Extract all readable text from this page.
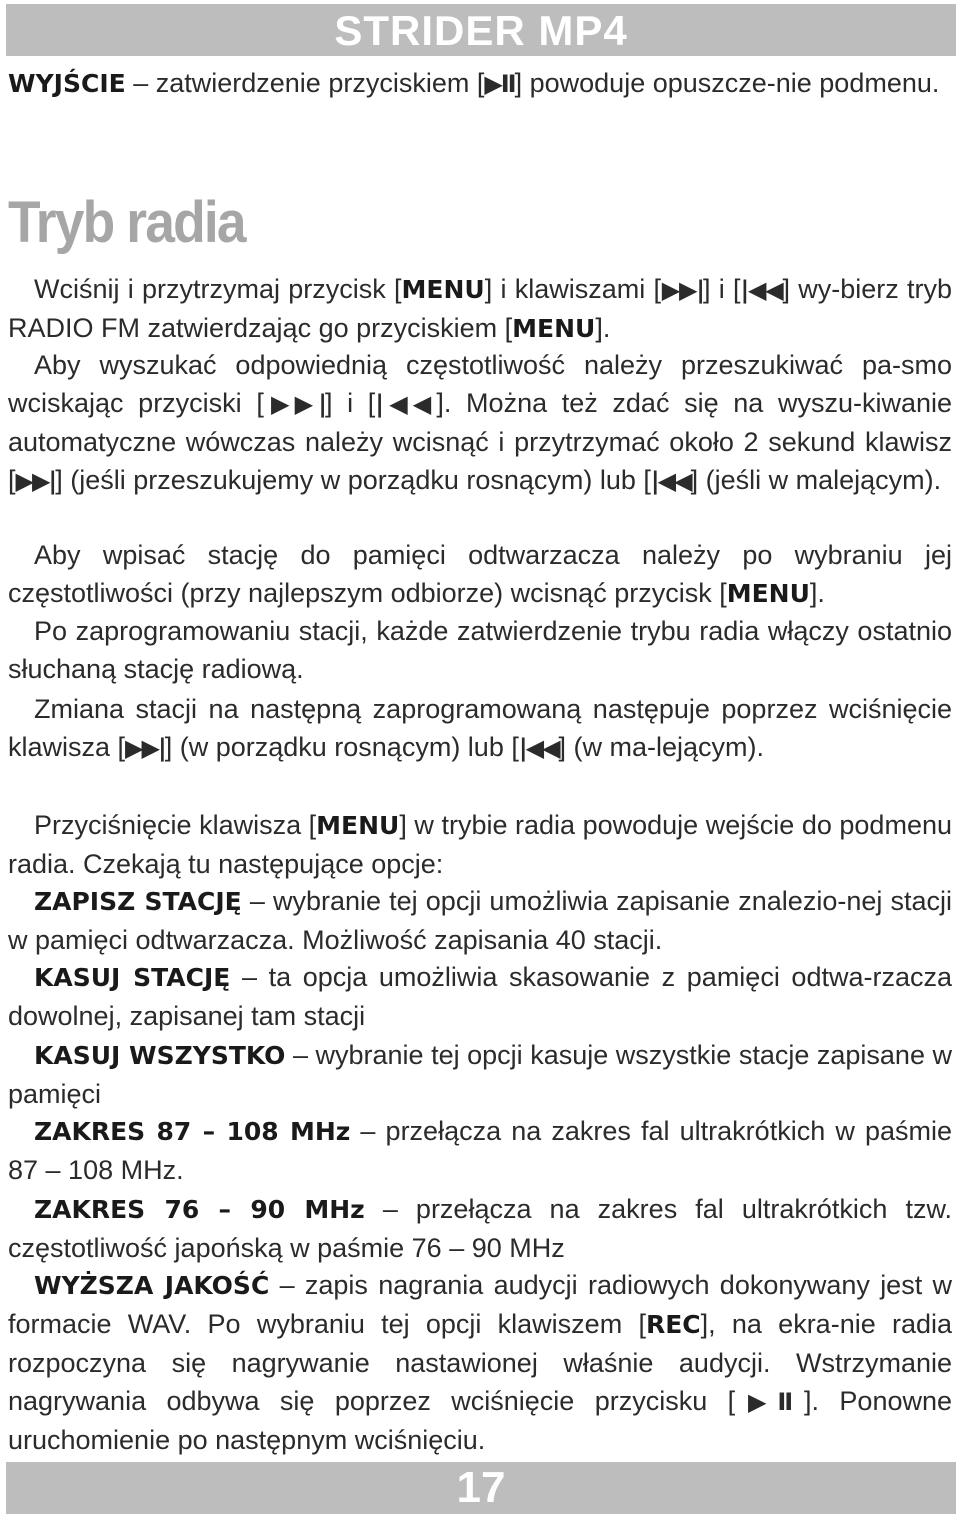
STRIDER MP4

WYJŚCIE – zatwierdzenie przyciskiem [▶Ⅱ] powoduje opuszcze-nie podmenu.

Tryb radia

Wciśnij i przytrzymaj przycisk [MENU] i klawiszami [▶▶|] i [|◀◀] wy-bierz tryb RADIO FM zatwierdzając go przyciskiem [MENU].

Aby wyszukać odpowiednią częstotliwość należy przeszukiwać pa-smo wciskając przyciski [▶▶|] i [|◀◀]. Można też zdać się na wyszu-kiwanie automatyczne wówczas należy wcisnąć i przytrzymać około 2 sekund klawisz [▶▶|] (jeśli przeszukujemy w porządku rosnącym) lub [|◀◀] (jeśli w malejącym).

Aby wpisać stację do pamięci odtwarzacza należy po wybraniu jej częstotliwości (przy najlepszym odbiorze) wcisnąć przycisk [MENU].

Po zaprogramowaniu stacji, każde zatwierdzenie trybu radia włączy ostatnio słuchaną stację radiową.

Zmiana stacji na następną zaprogramowaną następuje poprzez wciśnięcie klawisza [▶▶|] (w porządku rosnącym) lub [|◀◀] (w ma-lejącym).

Przyciśnięcie klawisza [MENU] w trybie radia powoduje wejście do podmenu radia. Czekają tu następujące opcje:

ZAPISZ STACJĘ – wybranie tej opcji umożliwia zapisanie znalezio-nej stacji w pamięci odtwarzacza. Możliwość zapisania 40 stacji.

KASUJ STACJĘ – ta opcja umożliwia skasowanie z pamięci odtwa-rzacza dowolnej, zapisanej tam stacji

KASUJ WSZYSTKO – wybranie tej opcji kasuje wszystkie stacje zapisane w pamięci

ZAKRES 87 – 108 MHz – przełącza na zakres fal ultrakrótkich w paśmie 87 – 108 MHz.

ZAKRES 76 – 90 MHz – przełącza na zakres fal ultrakrótkich tzw. częstotliwość japońską w paśmie 76 – 90 MHz

WYŻSZA JAKOŚĆ – zapis nagrania audycji radiowych dokonywany jest w formacie WAV. Po wybraniu tej opcji klawiszem [REC], na ekra-nie radia rozpoczyna się nagrywanie nastawionej właśnie audycji. Wstrzymanie nagrywania odbywa się poprzez wciśnięcie przycisku [▶Ⅱ]. Ponowne uruchomienie po następnym wciśnięciu.

17
